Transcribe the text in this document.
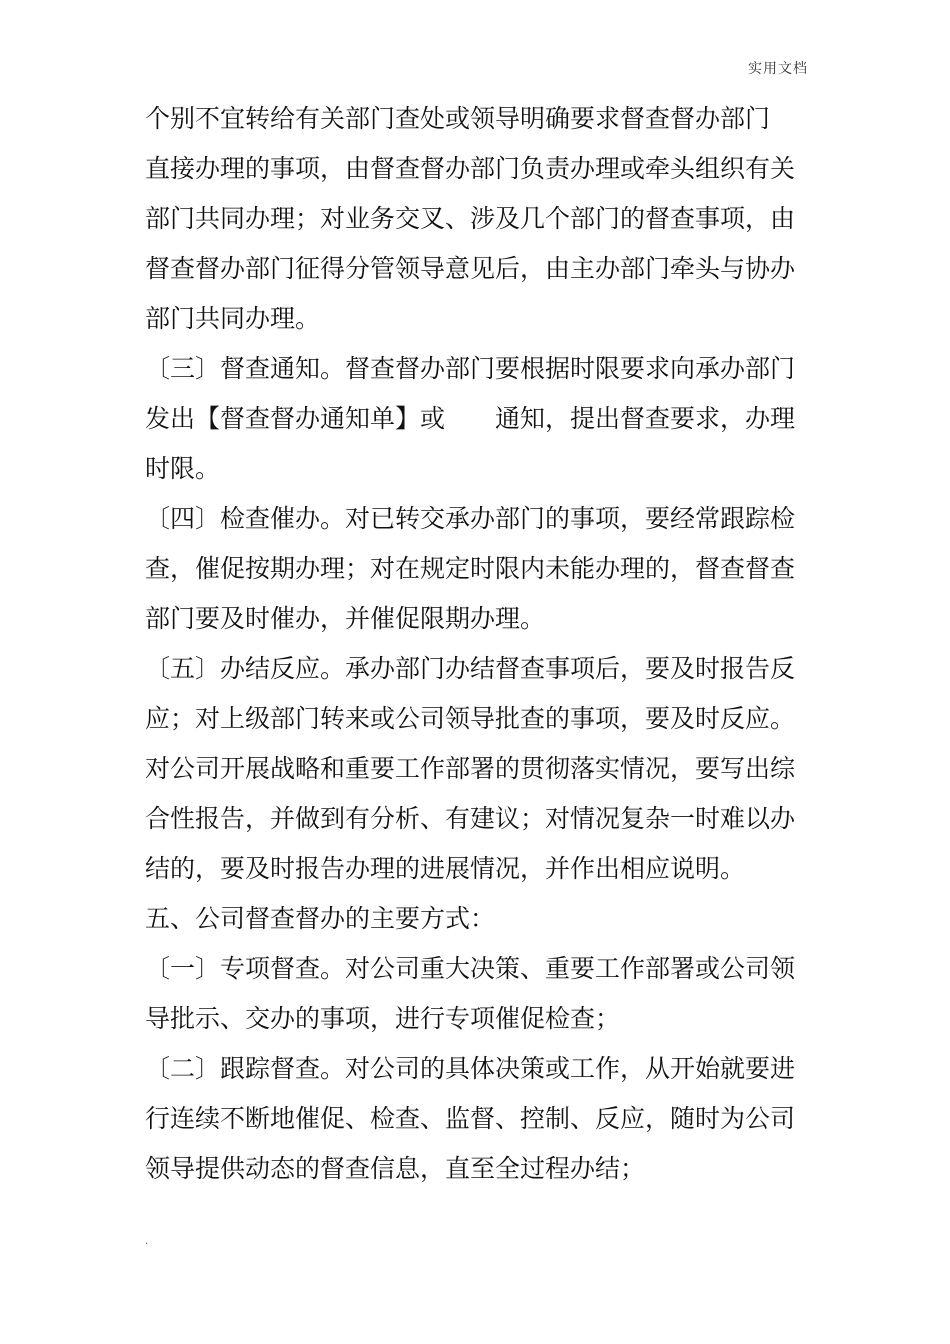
实用文档
个别不宜转给有关部门查处或领导明确要求督查督办部门
直接办理的事项，由督查督办部门负责办理或牵头组织有关
部门共同办理；对业务交叉、涉及几个部门的督查事项，由
督查督办部门征得分管领导意见后，由主办部门牵头与协办
部门共同办理。
〔三〕督查通知。督查督办部门要根据时限要求向承办部门
发出【督查督办通知单】或　　通知，提出督查要求，办理
时限。
〔四〕检查催办。对已转交承办部门的事项，要经常跟踪检
查，催促按期办理；对在规定时限内未能办理的，督查督查
部门要及时催办，并催促限期办理。
〔五〕办结反应。承办部门办结督查事项后，要及时报告反
应；对上级部门转来或公司领导批查的事项，要及时反应。
对公司开展战略和重要工作部署的贯彻落实情况，要写出综
合性报告，并做到有分析、有建议；对情况复杂一时难以办
结的，要及时报告办理的进展情况，并作出相应说明。
五、公司督查督办的主要方式：
〔一〕专项督查。对公司重大决策、重要工作部署或公司领
导批示、交办的事项，进行专项催促检查；
〔二〕跟踪督查。对公司的具体决策或工作，从开始就要进
行连续不断地催促、检查、监督、控制、反应，随时为公司
领导提供动态的督查信息，直至全过程办结；
.
